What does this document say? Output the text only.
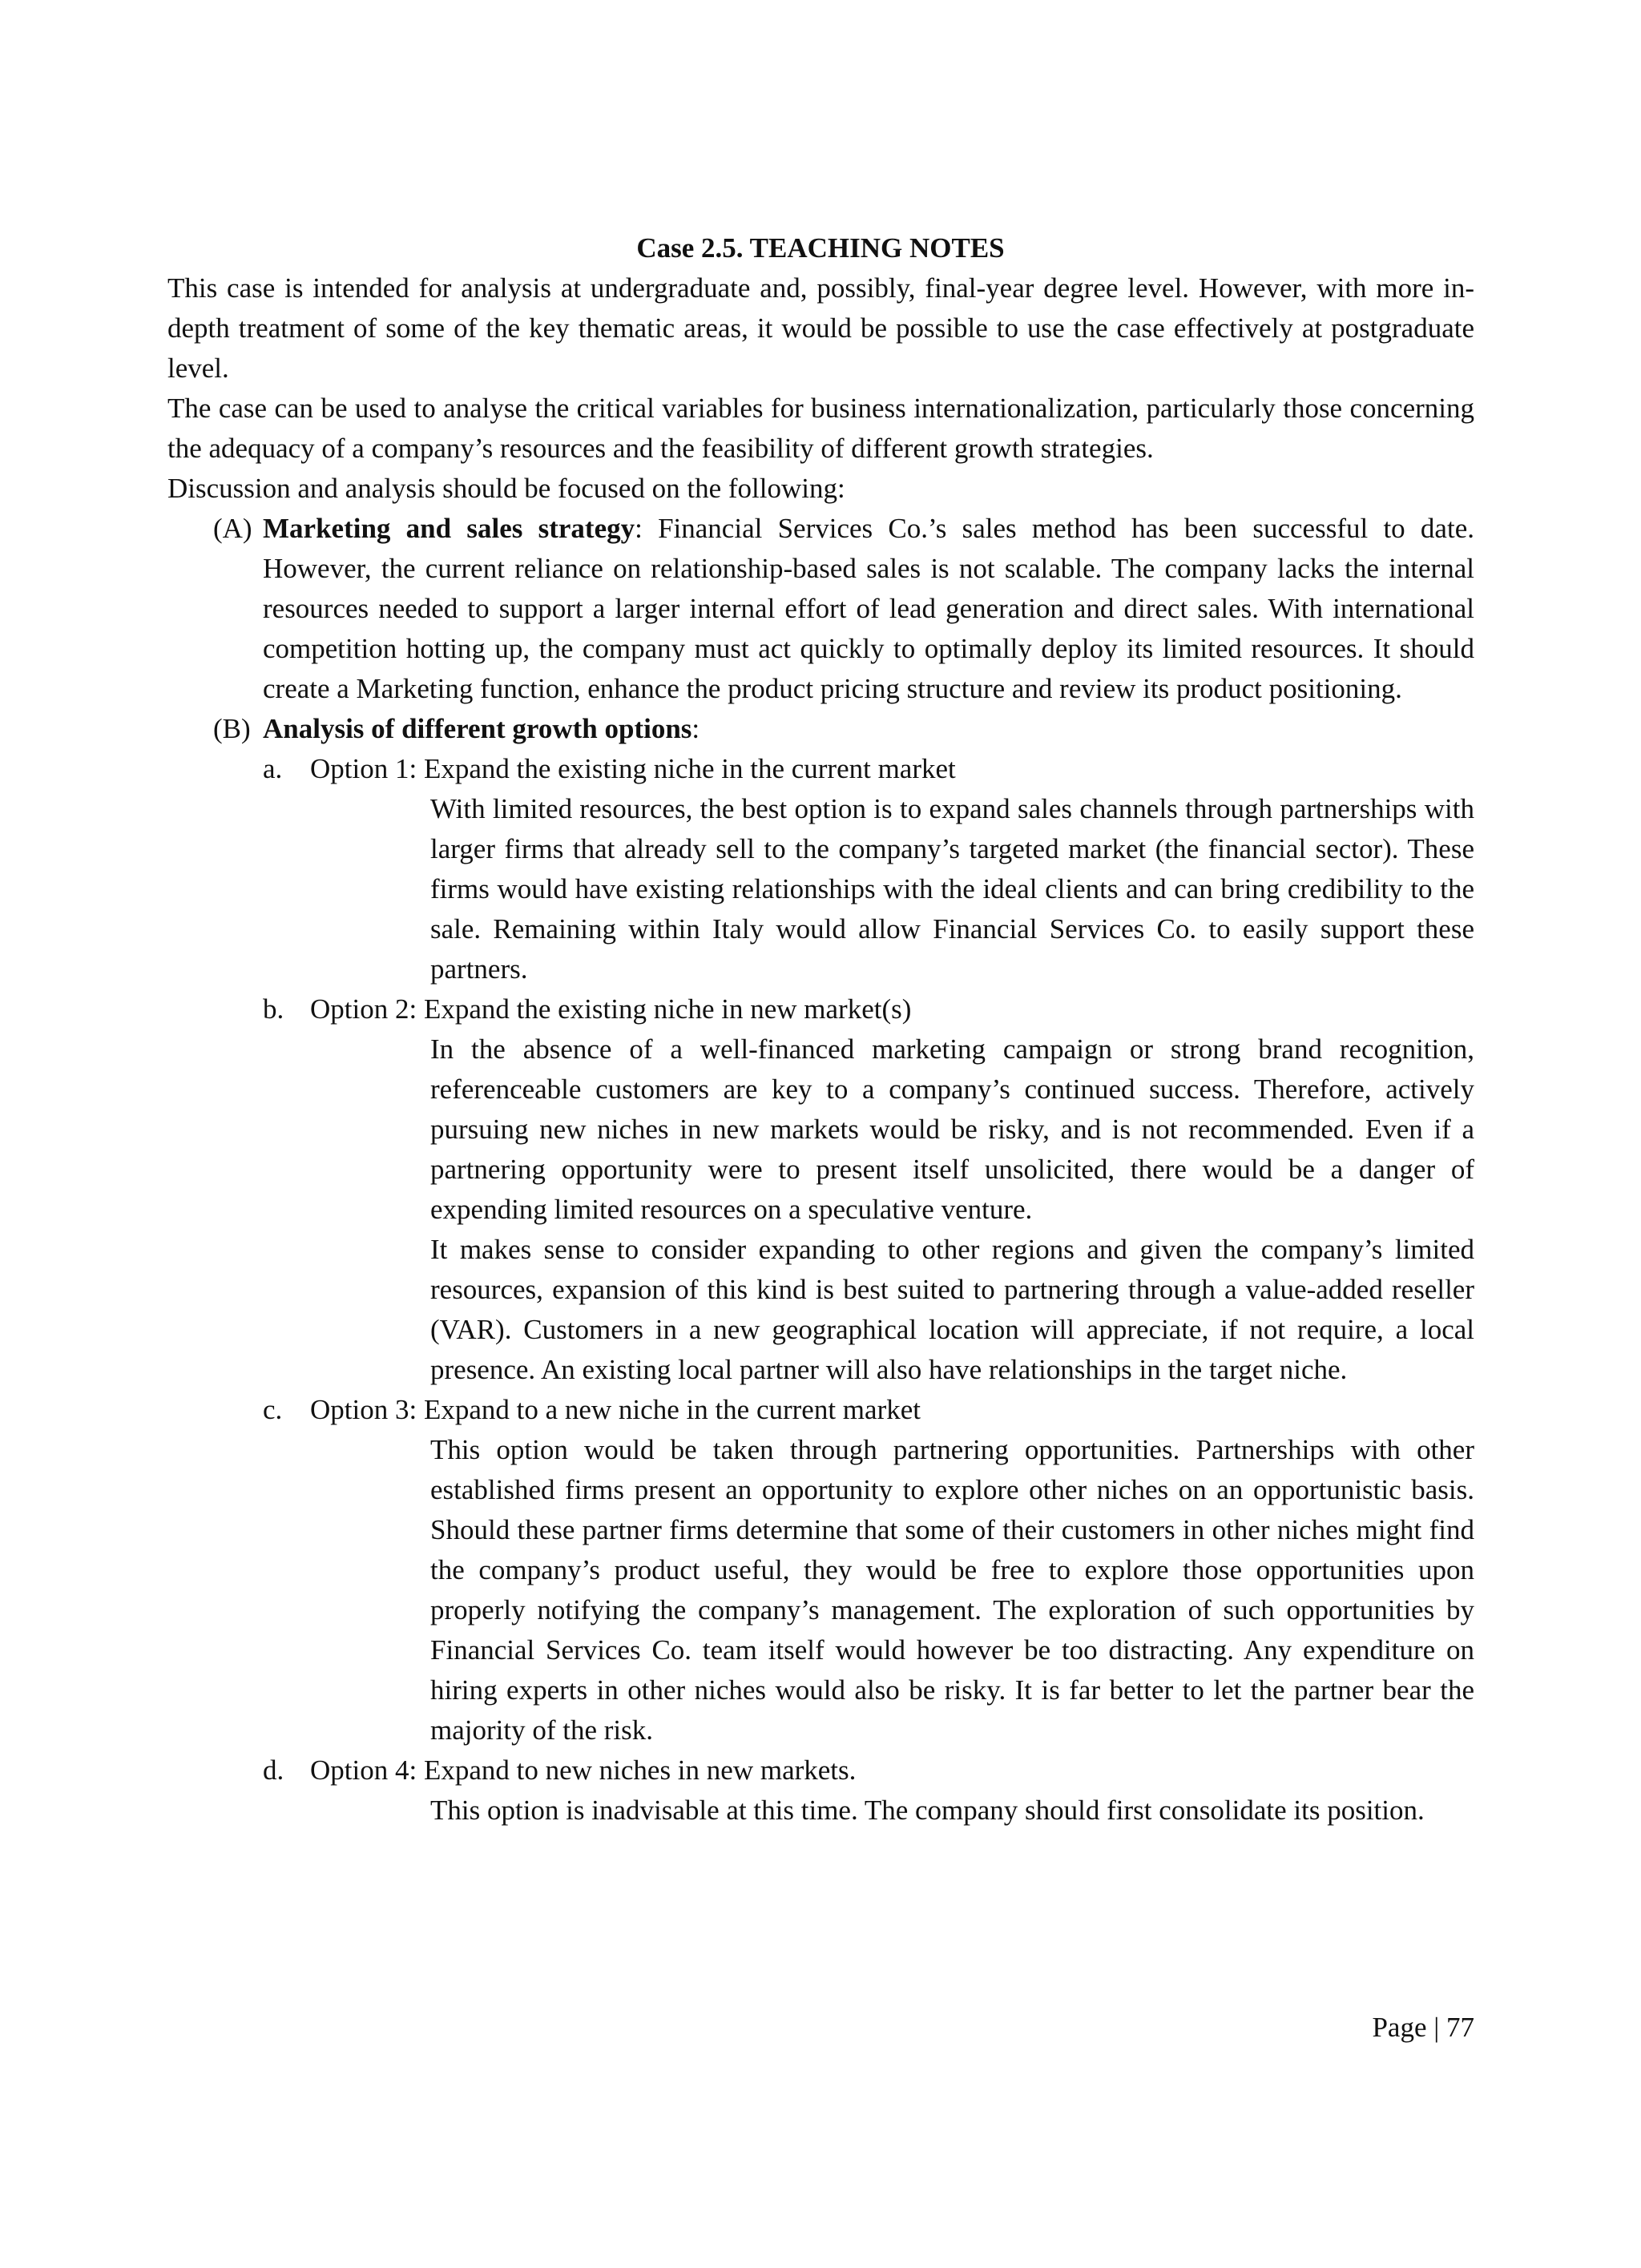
Case 2.5. TEACHING NOTES

This case is intended for analysis at undergraduate and, possibly, final-year degree level. However, with more in-depth treatment of some of the key thematic areas, it would be possible to use the case effectively at postgraduate level.

The case can be used to analyse the critical variables for business internationalization, particularly those concerning the adequacy of a company’s resources and the feasibility of different growth strategies.

Discussion and analysis should be focused on the following:

(A) Marketing and sales strategy: Financial Services Co.’s sales method has been successful to date. However, the current reliance on relationship-based sales is not scalable. The company lacks the internal resources needed to support a larger internal effort of lead generation and direct sales. With international competition hotting up, the company must act quickly to optimally deploy its limited resources. It should create a Marketing function, enhance the product pricing structure and review its product positioning.

(B) Analysis of different growth options:

a. Option 1: Expand the existing niche in the current market

With limited resources, the best option is to expand sales channels through partnerships with larger firms that already sell to the company’s targeted market (the financial sector). These firms would have existing relationships with the ideal clients and can bring credibility to the sale. Remaining within Italy would allow Financial Services Co. to easily support these partners.

b. Option 2: Expand the existing niche in new market(s)

In the absence of a well-financed marketing campaign or strong brand recognition, referenceable customers are key to a company’s continued success. Therefore, actively pursuing new niches in new markets would be risky, and is not recommended. Even if a partnering opportunity were to present itself unsolicited, there would be a danger of expending limited resources on a speculative venture.

It makes sense to consider expanding to other regions and given the company’s limited resources, expansion of this kind is best suited to partnering through a value-added reseller (VAR). Customers in a new geographical location will appreciate, if not require, a local presence. An existing local partner will also have relationships in the target niche.

c. Option 3: Expand to a new niche in the current market

This option would be taken through partnering opportunities. Partnerships with other established firms present an opportunity to explore other niches on an opportunistic basis. Should these partner firms determine that some of their customers in other niches might find the company’s product useful, they would be free to explore those opportunities upon properly notifying the company’s management. The exploration of such opportunities by Financial Services Co. team itself would however be too distracting. Any expenditure on hiring experts in other niches would also be risky. It is far better to let the partner bear the majority of the risk.

d. Option 4: Expand to new niches in new markets.

This option is inadvisable at this time. The company should first consolidate its position.

Page | 77
